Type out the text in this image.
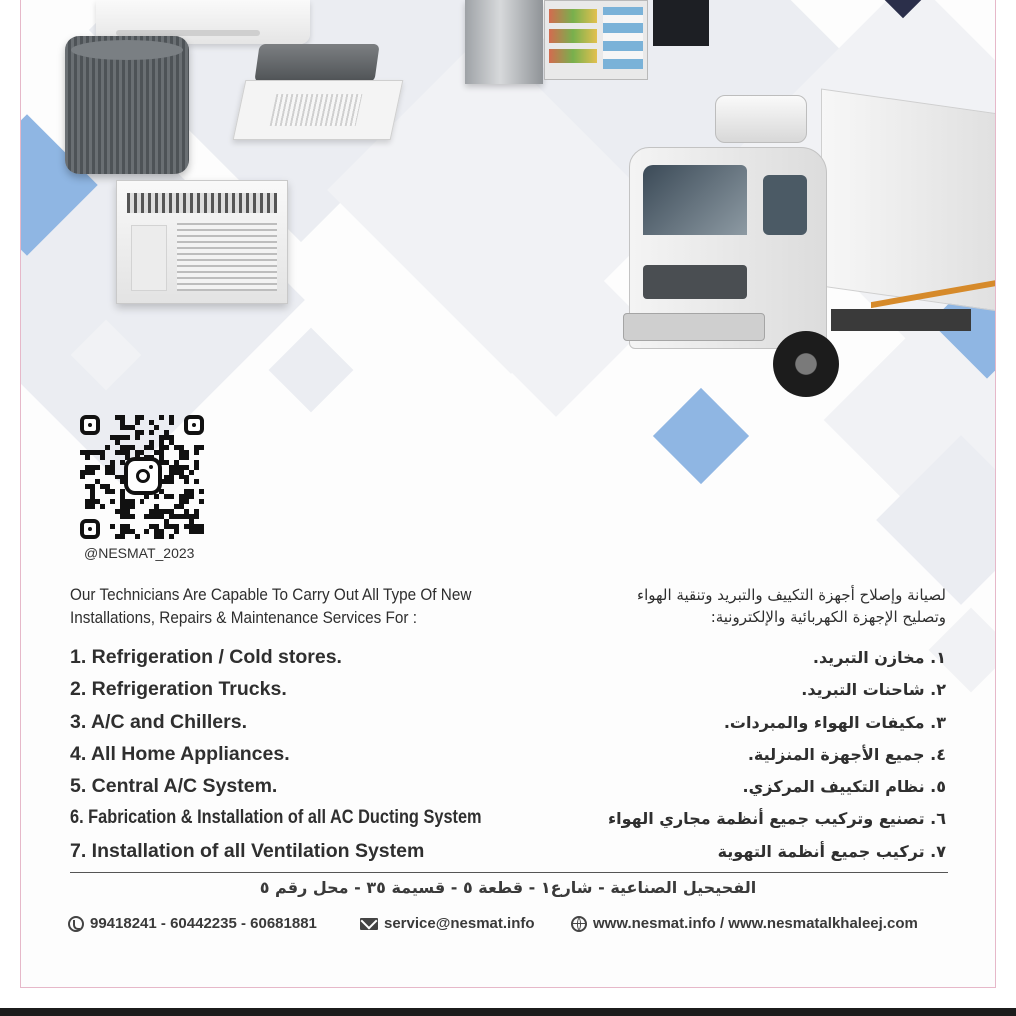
@NESMAT_2023
Our Technicians Are Capable To Carry Out All Type Of New
Installations, Repairs & Maintenance Services For :
لصيانة وإصلاح أجهزة التكييف والتبريد وتنقية الهواء
وتصليح الإجهزة الكهربائية والإلكترونية:
1. Refrigeration / Cold stores.
2. Refrigeration Trucks.
3. A/C and Chillers.
4. All Home Appliances.
5. Central A/C System.
6. Fabrication & Installation of all AC Ducting System
7. Installation of all Ventilation System
١. مخازن التبريد.
٢. شاحنات التبريد.
٣. مكيفات الهواء والمبردات.
٤. جميع الأجهزة المنزلية.
٥. نظام التكييف المركزي.
٦. تصنيع وتركيب جميع أنظمة مجاري الهواء
٧. تركيب جميع أنظمة التهوية
الفحيحيل الصناعية - شارع١ - قطعة ٥ - قسيمة ٣٥ - محل رقم ٥
99418241 - 60442235 - 60681881	service@nesmat.info	www.nesmat.info / www.nesmatalkhaleej.com
